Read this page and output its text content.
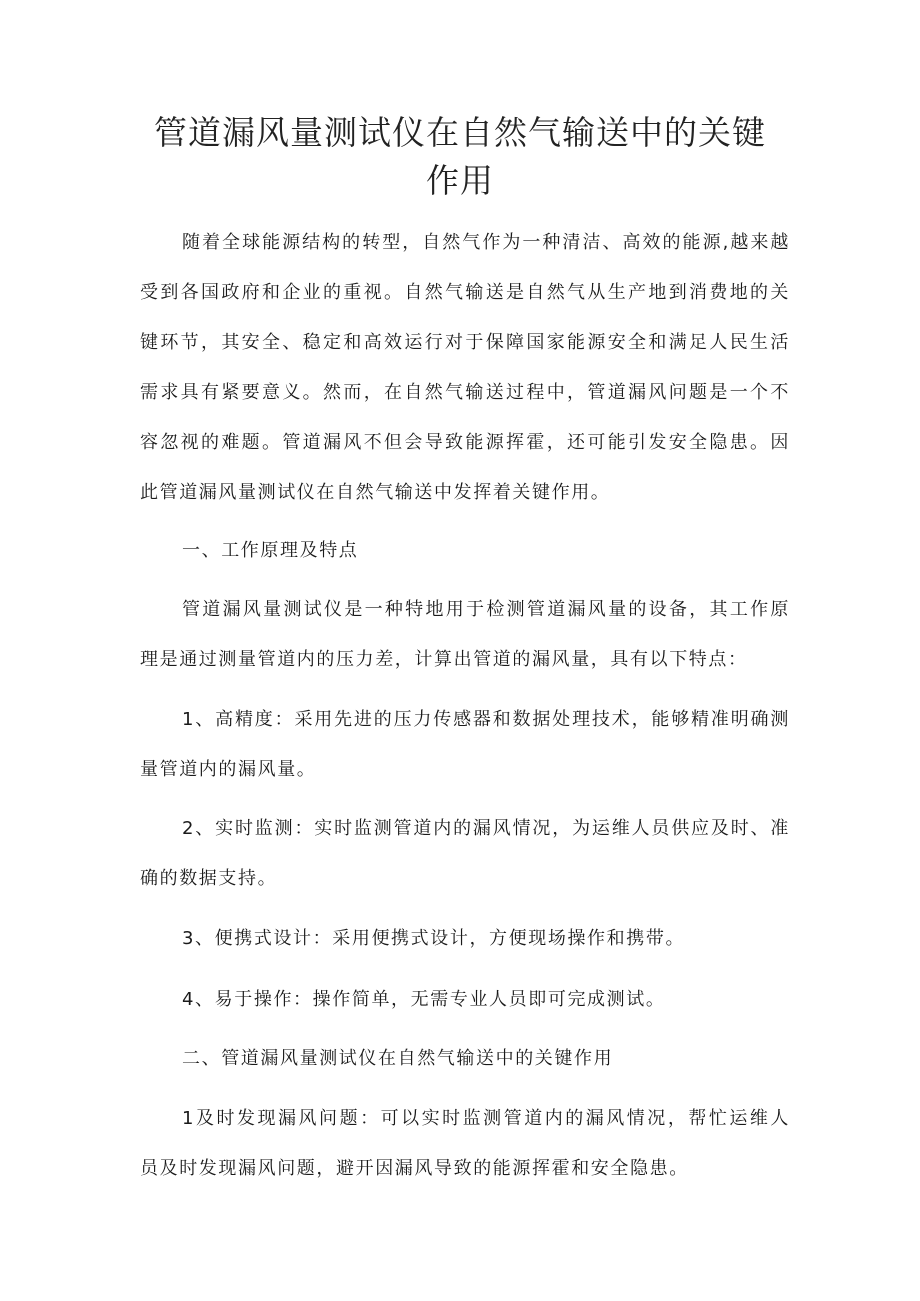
管道漏风量测试仪在自然气输送中的关键
作用
随着全球能源结构的转型，自然气作为一种清洁、高效的能源,越来越
受到各国政府和企业的重视。自然气输送是自然气从生产地到消费地的关
键环节，其安全、稳定和高效运行对于保障国家能源安全和满足人民生活
需求具有紧要意义。然而，在自然气输送过程中，管道漏风问题是一个不
容忽视的难题。管道漏风不但会导致能源挥霍，还可能引发安全隐患。因
此管道漏风量测试仪在自然气输送中发挥着关键作用。
一、工作原理及特点
管道漏风量测试仪是一种特地用于检测管道漏风量的设备，其工作原
理是通过测量管道内的压力差，计算出管道的漏风量，具有以下特点：
1、高精度：采用先进的压力传感器和数据处理技术，能够精准明确测
量管道内的漏风量。
2、实时监测：实时监测管道内的漏风情况，为运维人员供应及时、准
确的数据支持。
3、便携式设计：采用便携式设计，方便现场操作和携带。
4、易于操作：操作简单，无需专业人员即可完成测试。
二、管道漏风量测试仪在自然气输送中的关键作用
1及时发现漏风问题：可以实时监测管道内的漏风情况，帮忙运维人
员及时发现漏风问题，避开因漏风导致的能源挥霍和安全隐患。
